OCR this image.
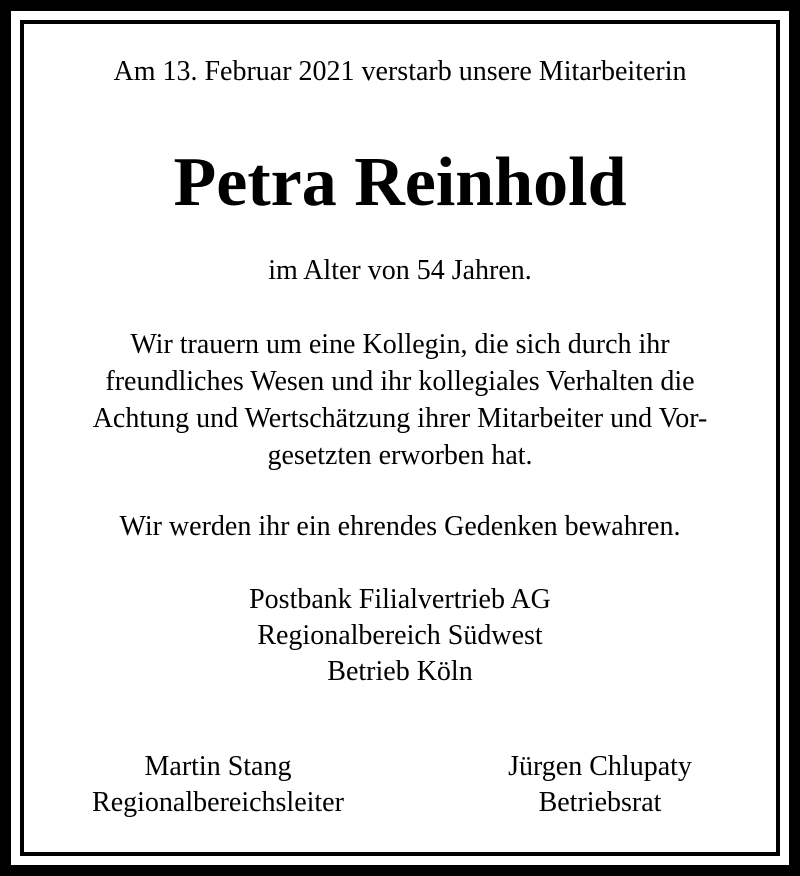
Am 13. Februar 2021 verstarb unsere Mitarbeiterin
Petra Reinhold
im Alter von 54 Jahren.
Wir trauern um eine Kollegin, die sich durch ihr
freundliches Wesen und ihr kollegiales Verhalten die
Achtung und Wertschätzung ihrer Mitarbeiter und Vor-
gesetzten erworben hat.
Wir werden ihr ein ehrendes Gedenken bewahren.
Postbank Filialvertrieb AG
Regionalbereich Südwest
Betrieb Köln
Martin Stang
Regionalbereichsleiter
Jürgen Chlupaty
Betriebsrat
